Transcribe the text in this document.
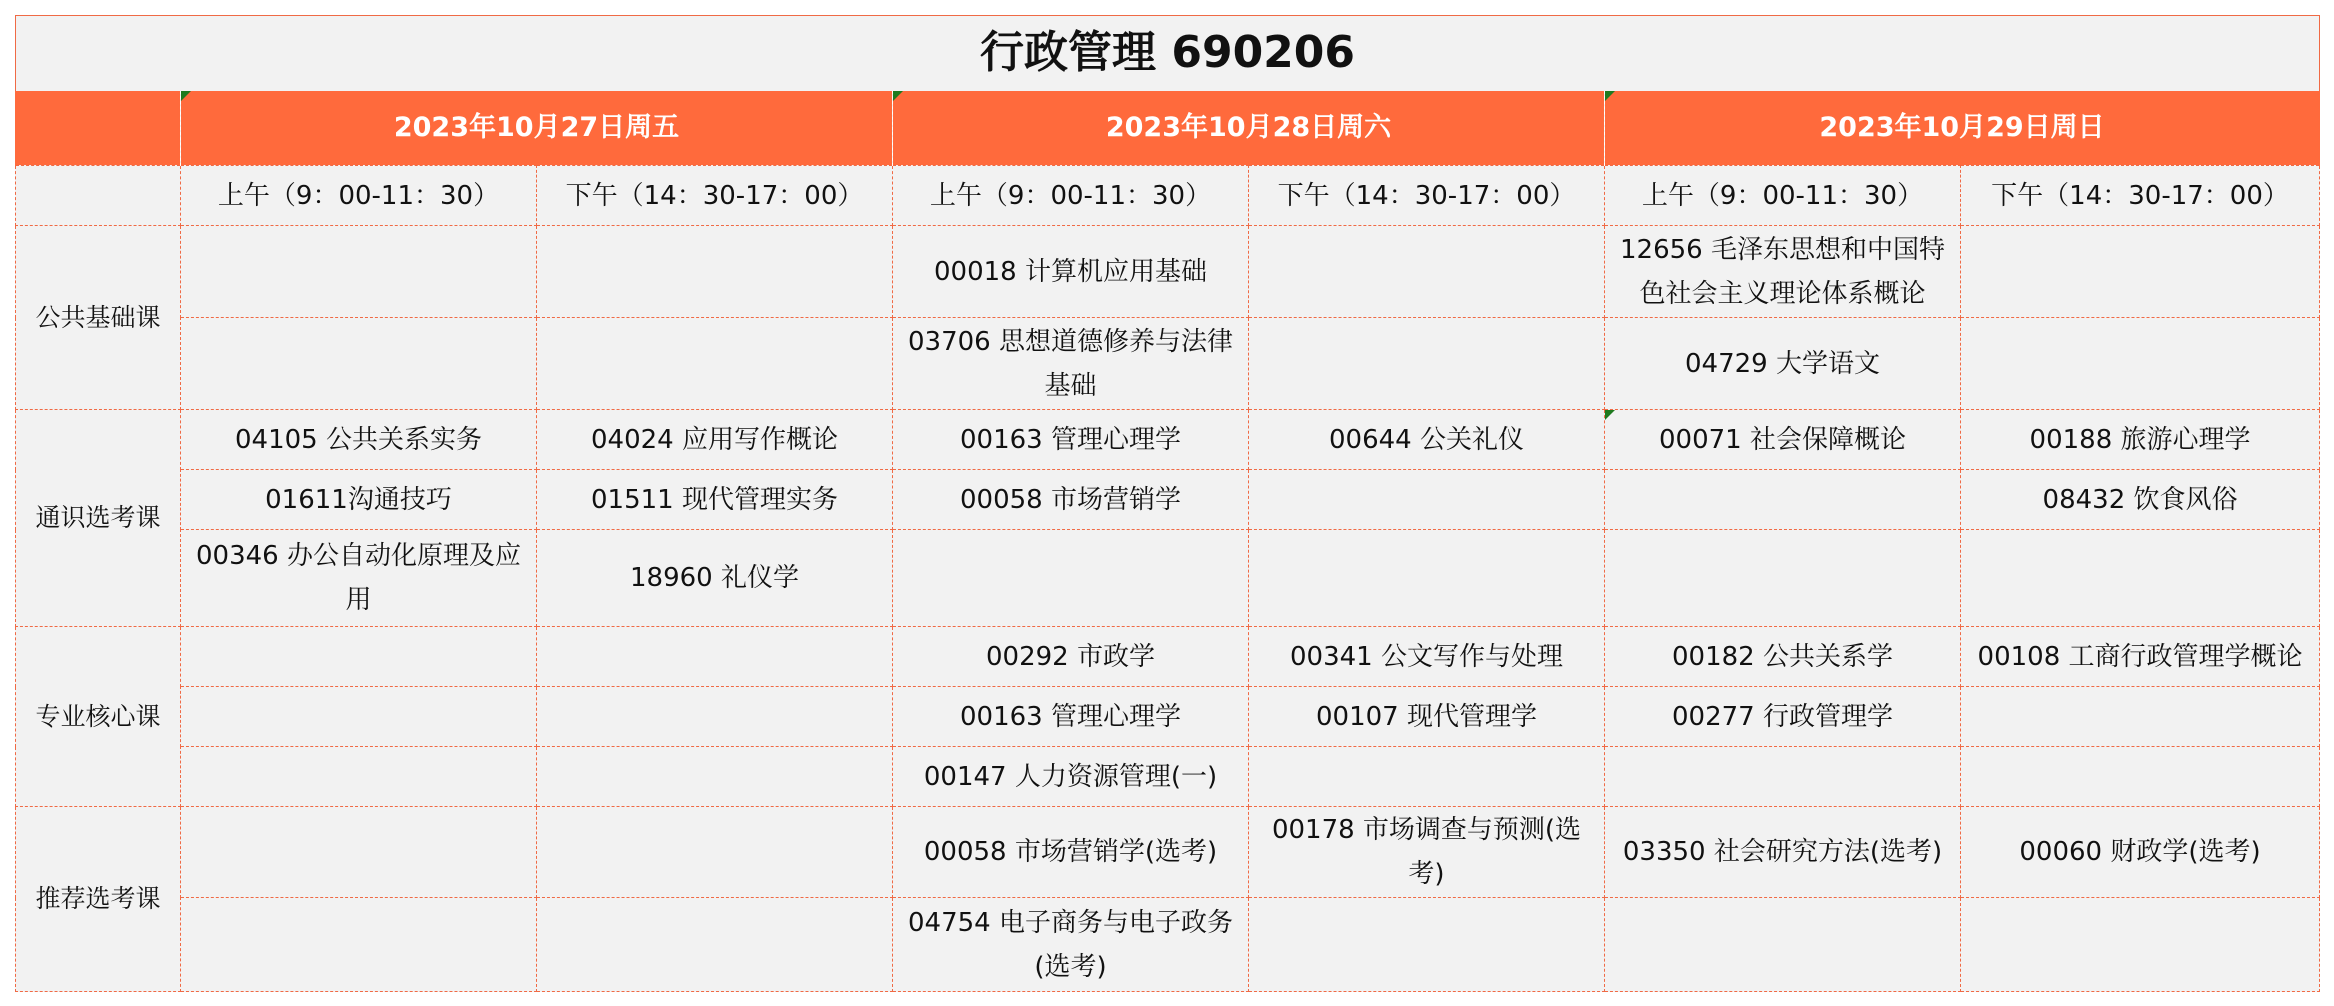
行政管理 690206						
	2023年10月27日周五		2023年10月28日周六		2023年10月29日周日	
	上午（9：00-11：30）	下午（14：30-17：00）	上午（9：00-11：30）	下午（14：30-17：00）	上午（9：00-11：30）	下午（14：30-17：00）
公共基础课			00018 计算机应用基础		12656 毛泽东思想和中国特色社会主义理论体系概论	
			03706 思想道德修养与法律基础		04729 大学语文	
通识选考课	04105 公共关系实务	04024 应用写作概论	00163 管理心理学	00644 公关礼仪	00071 社会保障概论	00188 旅游心理学
	01611沟通技巧	01511 现代管理实务	00058 市场营销学			08432 饮食风俗
	00346 办公自动化原理及应用	18960 礼仪学				
专业核心课			00292 市政学	00341 公文写作与处理	00182 公共关系学	00108 工商行政管理学概论
			00163 管理心理学	00107 现代管理学	00277 行政管理学	
			00147 人力资源管理(一)			
推荐选考课			00058 市场营销学(选考)	00178 市场调查与预测(选考)	03350 社会研究方法(选考)	00060 财政学(选考)
			04754 电子商务与电子政务(选考)			
